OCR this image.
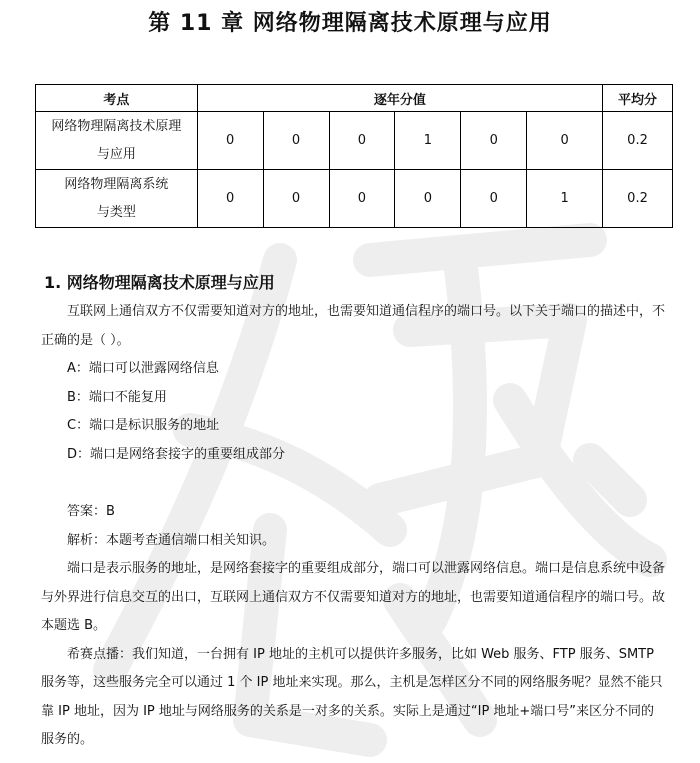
第 11 章 网络物理隔离技术原理与应用
考点	逐年分值						平均分

网络物理隔离技术原理
与应用	0	0	0	1	0	0	0.2

网络物理隔离系统
与类型	0	0	0	0	0	1	0.2
1. 网络物理隔离技术原理与应用

互联网上通信双方不仅需要知道对方的地址，也需要知道通信程序的端口号。以下关于端口的描述中，不正确的是（ ）。

A：端口可以泄露网络信息

B：端口不能复用

C：端口是标识服务的地址

D：端口是网络套接字的重要组成部分

答案：B

解析：本题考查通信端口相关知识。

端口是表示服务的地址，是网络套接字的重要组成部分，端口可以泄露网络信息。端口是信息系统中设备与外界进行信息交互的出口，互联网上通信双方不仅需要知道对方的地址，也需要知道通信程序的端口号。故本题选 B。

希赛点播：我们知道，一台拥有 IP 地址的主机可以提供许多服务，比如 Web 服务、FTP 服务、SMTP 服务等，这些服务完全可以通过 1 个 IP 地址来实现。那么，主机是怎样区分不同的网络服务呢？显然不能只靠 IP 地址，因为 IP 地址与网络服务的关系是一对多的关系。实际上是通过“IP 地址+端口号”来区分不同的服务的。
